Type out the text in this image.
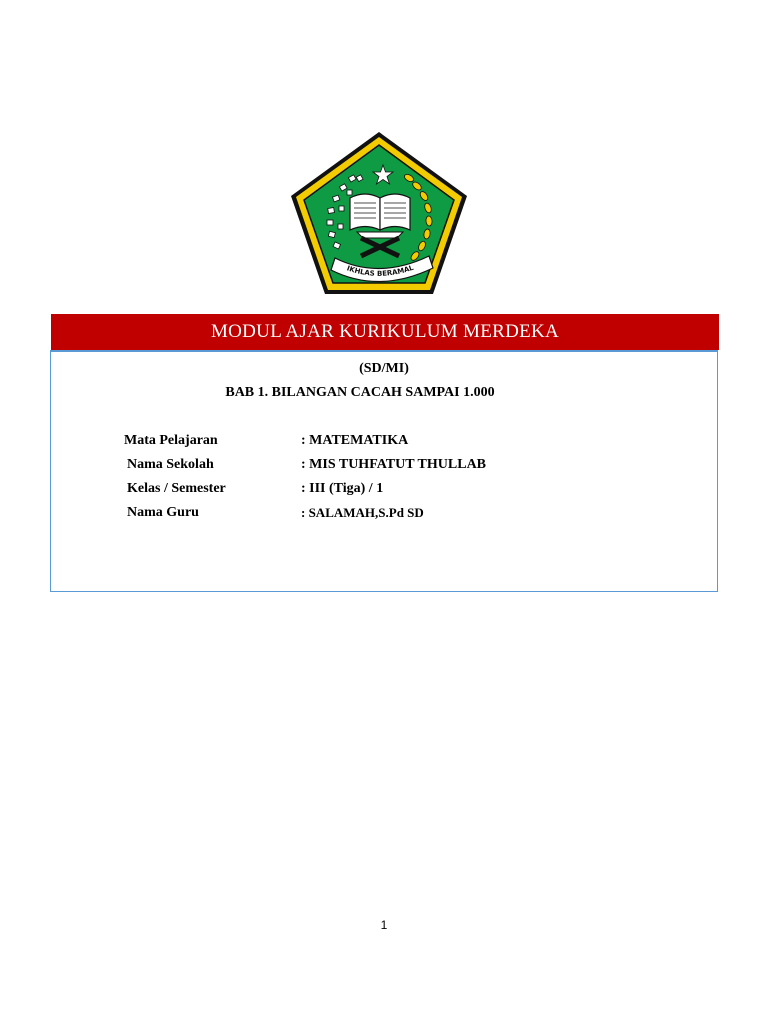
IKHLAS BERAMAL
MODUL AJAR KURIKULUM MERDEKA
(SD/MI)
BAB 1. BILANGAN CACAH SAMPAI 1.000
Mata Pelajaran	: MATEMATIKA
Nama Sekolah	: MIS TUHFATUT THULLAB
Kelas / Semester	: III (Tiga) / 1
Nama Guru	: SALAMAH,S.Pd SD
1
